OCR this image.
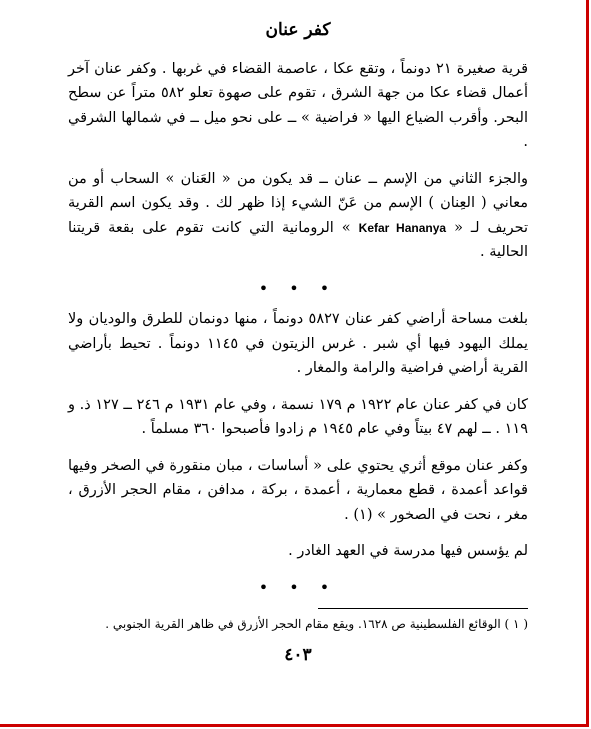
كفر عنان

قرية صغيرة ٢١ دونماً ، وتقع عكا ، عاصمة القضاء في غربها . وكفر عنان آخر أعمال قضاء عكا من جهة الشرق ، تقوم على صهوة تعلو ٥٨٢ متراً عن سطح البحر. وأقرب الضياع اليها « فراضية » ــ على نحو ميل ــ في شمالها الشرقي .

والجزء الثاني من الإسم ــ عنان ــ قد يكون من « العَنان » السحاب أو من معاني ( العِنان ) الإسم من عَنّ الشيء إذا ظهر لك . وقد يكون اسم القرية تحريف لـ « Kefar Hananya » الرومانية التي كانت تقوم على بقعة قريتنا الحالية .

• • •

بلغت مساحة أراضي كفر عنان ٥٨٢٧ دونماً ، منها دونمان للطرق والوديان ولا يملك اليهود فيها أي شبر . غرس الزيتون في ١١٤٥ دونماً . تحيط بأراضي القرية أراضي فراضية والرامة والمغار .

كان في كفر عنان عام ١٩٢٢ م ١٧٩ نسمة ، وفي عام ١٩٣١ م ٢٤٦ ــ ١٢٧ ذ. و ١١٩ . ــ لهم ٤٧ بيتاً وفي عام ١٩٤٥ م زادوا فأصبحوا ٣٦٠ مسلماً .

وكفر عنان موقع أثري يحتوي على « أساسات ، مبان منقورة في الصخر وفيها قواعد أعمدة ، قطع معمارية ، أعمدة ، بركة ، مدافن ، مقام الحجر الأزرق ، مغر ، نحت في الصخور » (١) .

لم يؤسس فيها مدرسة في العهد الغادر .

• • •

( ١ ) الوقائع الفلسطينية ص ١٦٢٨. ويقع مقام الحجر الأزرق في ظاهر القرية الجنوبي .

٤٠٣
